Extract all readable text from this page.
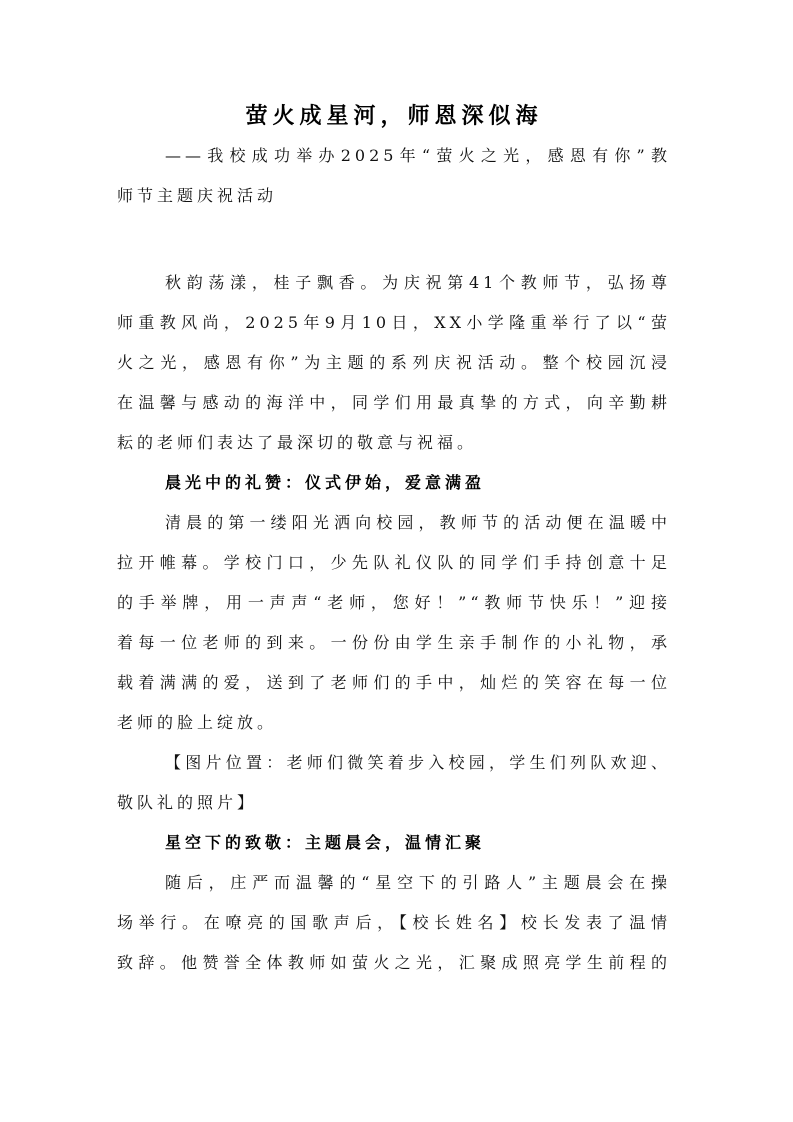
萤火成星河，师恩深似海
——我校成功举办2025年“萤火之光，感恩有你”教
师节主题庆祝活动
秋韵荡漾，桂子飘香。为庆祝第41个教师节，弘扬尊
师重教风尚，2025年9月10日，XX小学隆重举行了以“萤
火之光，感恩有你”为主题的系列庆祝活动。整个校园沉浸
在温馨与感动的海洋中，同学们用最真挚的方式，向辛勤耕
耘的老师们表达了最深切的敬意与祝福。
晨光中的礼赞：仪式伊始，爱意满盈
清晨的第一缕阳光洒向校园，教师节的活动便在温暖中
拉开帷幕。学校门口，少先队礼仪队的同学们手持创意十足
的手举牌，用一声声“老师，您好！”“教师节快乐！”迎接
着每一位老师的到来。一份份由学生亲手制作的小礼物，承
载着满满的爱，送到了老师们的手中，灿烂的笑容在每一位
老师的脸上绽放。
【图片位置：老师们微笑着步入校园，学生们列队欢迎、
敬队礼的照片】
星空下的致敬：主题晨会，温情汇聚
随后，庄严而温馨的“星空下的引路人”主题晨会在操
场举行。在嘹亮的国歌声后，【校长姓名】校长发表了温情
致辞。他赞誉全体教师如萤火之光，汇聚成照亮学生前程的
